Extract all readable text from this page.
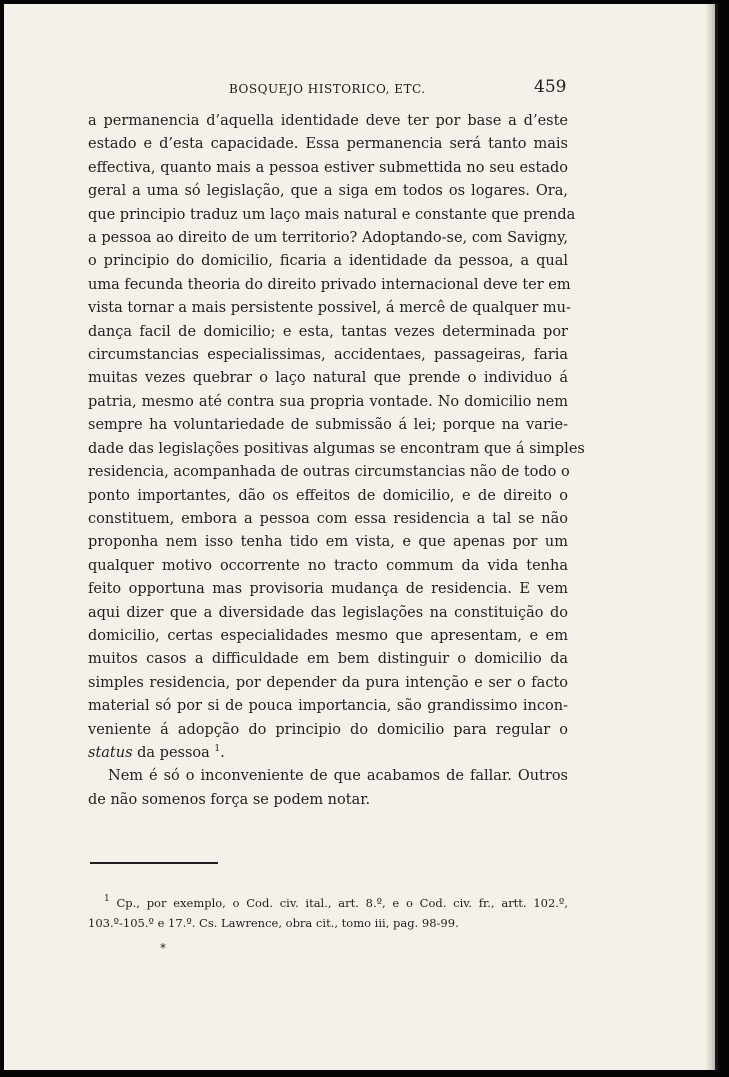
BOSQUEJO HISTORICO, ETC.	459
a permanencia d’aquella identidade deve ter por base a d’este
estado e d’esta capacidade. Essa permanencia será tanto mais
effectiva, quanto mais a pessoa estiver submettida no seu estado
geral a uma só legislação, que a siga em todos os logares. Ora,
que principio traduz um laço mais natural e constante que prenda
a pessoa ao direito de um territorio? Adoptando-se, com Savigny,
o principio do domicilio, ficaria a identidade da pessoa, a qual
uma fecunda theoria do direito privado internacional deve ter em
vista tornar a mais persistente possivel, á mercê de qualquer mu-
dança facil de domicilio; e esta, tantas vezes determinada por
circumstancias especialissimas, accidentaes, passageiras, faria
muitas vezes quebrar o laço natural que prende o individuo á
patria, mesmo até contra sua propria vontade. No domicilio nem
sempre ha voluntariedade de submissão á lei; porque na varie-
dade das legislações positivas algumas se encontram que á simples
residencia, acompanhada de outras circumstancias não de todo o
ponto importantes, dão os effeitos de domicilio, e de direito o
constituem, embora a pessoa com essa residencia a tal se não
proponha nem isso tenha tido em vista, e que apenas por um
qualquer motivo occorrente no tracto commum da vida tenha
feito opportuna mas provisoria mudança de residencia. E vem
aqui dizer que a diversidade das legislações na constituição do
domicilio, certas especialidades mesmo que apresentam, e em
muitos casos a difficuldade em bem distinguir o domicilio da
simples residencia, por depender da pura intenção e ser o facto
material só por si de pouca importancia, são grandissimo incon-
veniente á adopção do principio do domicilio para regular o
status da pessoa $^1$.
Nem é só o inconveniente de que acabamos de fallar. Outros
de não somenos força se podem notar.
$^1$ Cp., por exemplo, o Cod. civ. ital., art. 8.º, e o Cod. civ. fr., artt. 102.º,
103.º-105.º e 17.º. Cs. Lawrence, obra cit., tomo iii, pag. 98-99.
*
